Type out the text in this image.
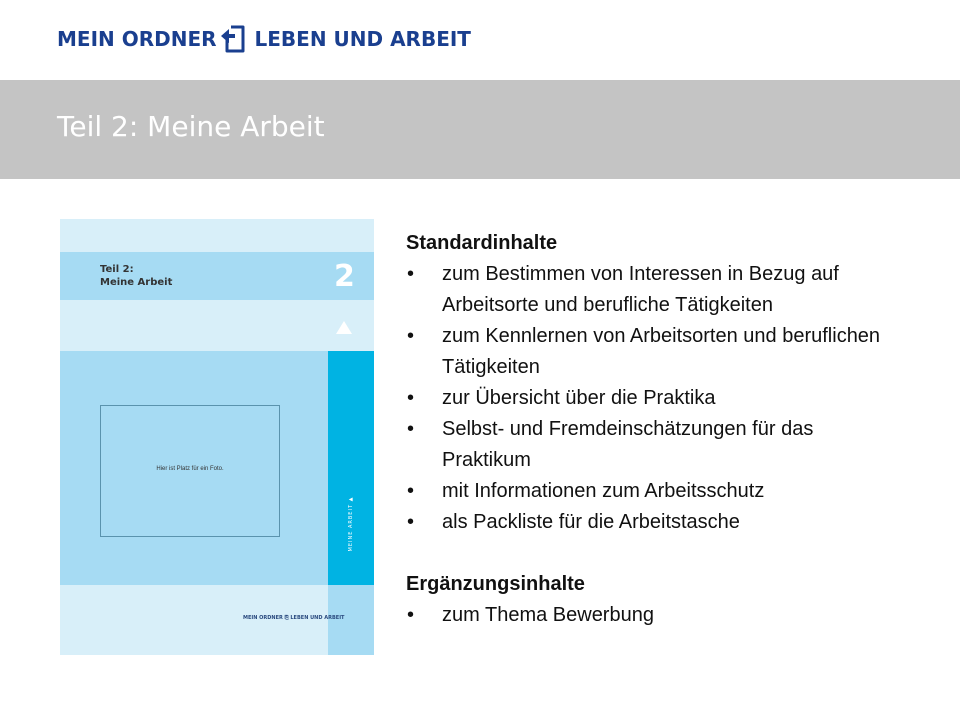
MEIN ORDNER LEBEN UND ARBEIT
Teil 2: Meine Arbeit
Teil 2:
Meine Arbeit	2
Hier ist Platz für ein Foto.
MEINE ARBEIT ▲
MEIN ORDNER ⎘ LEBEN UND ARBEIT
Standardinhalte
• zum Bestimmen von Interessen in Bezug auf Arbeitsorte und berufliche Tätigkeiten
• zum Kennlernen von Arbeitsorten und beruflichen Tätigkeiten
• zur Übersicht über die Praktika
• Selbst- und Fremdeinschätzungen für das Praktikum
• mit Informationen zum Arbeitsschutz
• als Packliste für die Arbeitstasche
Ergänzungsinhalte
• zum Thema Bewerbung
